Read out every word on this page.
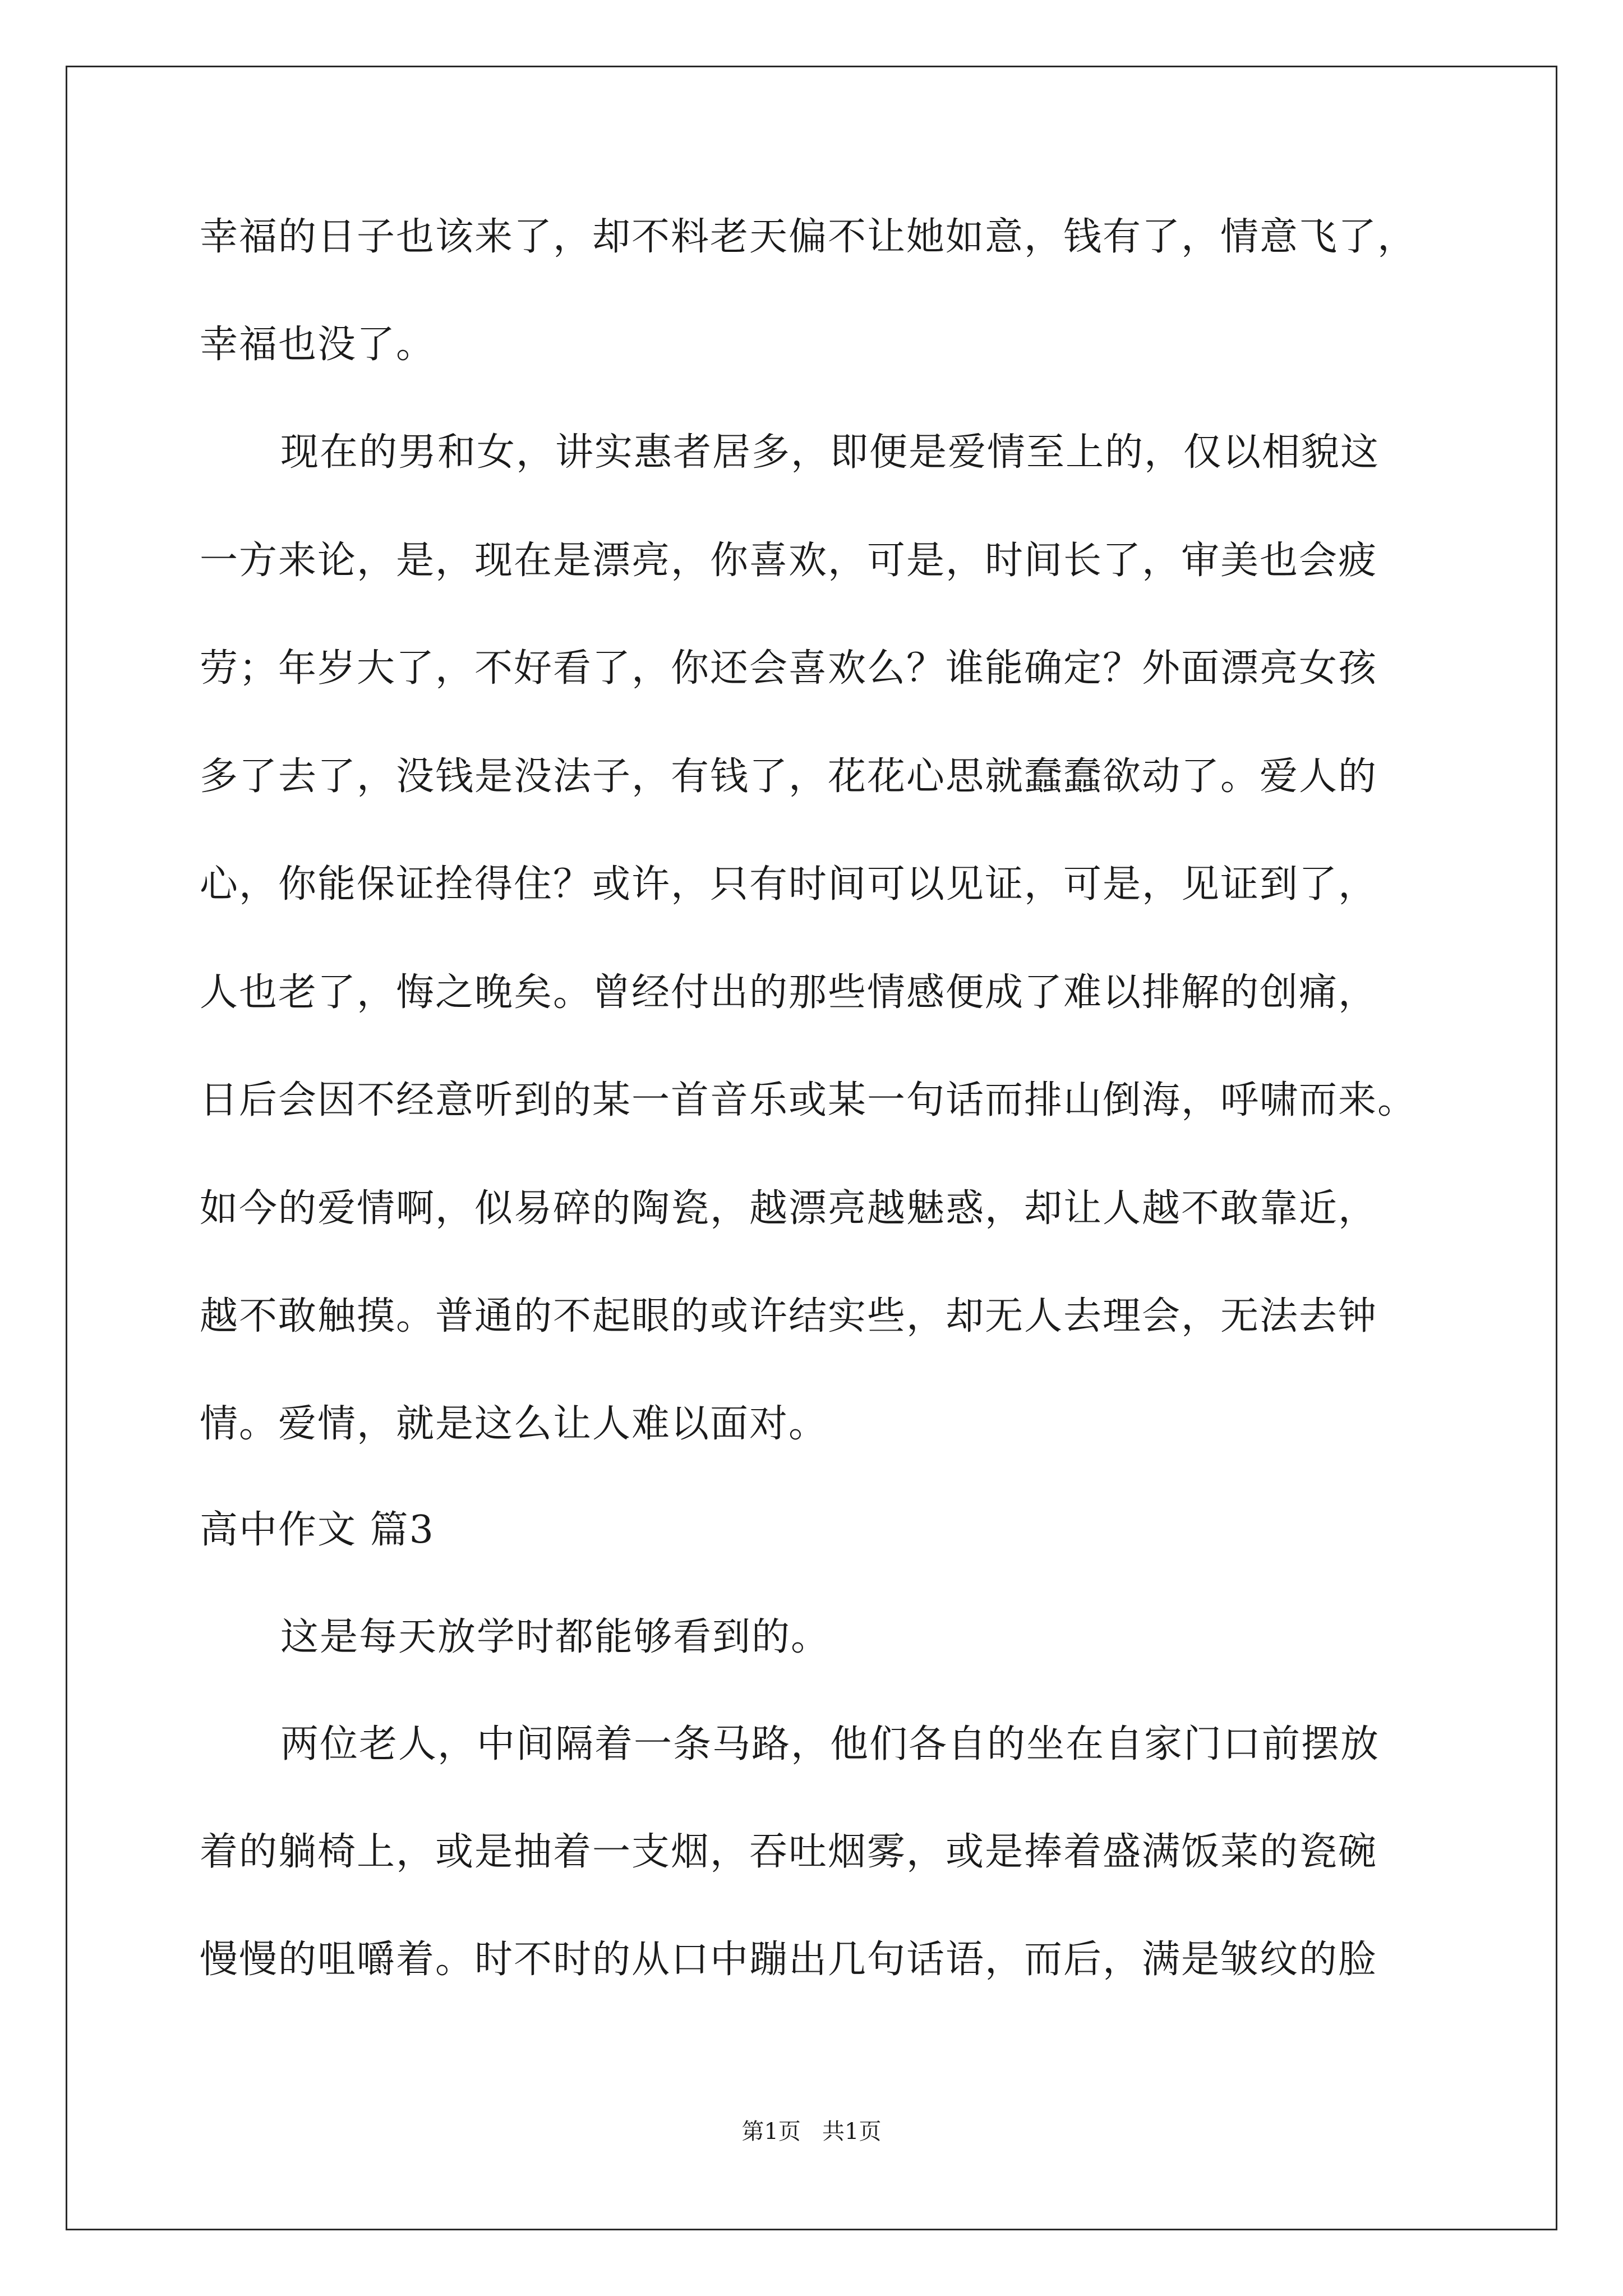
幸福的日子也该来了，却不料老天偏不让她如意，钱有了，情意飞了，
幸福也没了。
现在的男和女，讲实惠者居多，即便是爱情至上的，仅以相貌这
一方来论，是，现在是漂亮，你喜欢，可是，时间长了，审美也会疲
劳；年岁大了，不好看了，你还会喜欢么？谁能确定？外面漂亮女孩
多了去了，没钱是没法子，有钱了，花花心思就蠢蠢欲动了。爱人的
心，你能保证拴得住？或许，只有时间可以见证，可是，见证到了，
人也老了，悔之晚矣。曾经付出的那些情感便成了难以排解的创痛，
日后会因不经意听到的某一首音乐或某一句话而排山倒海，呼啸而来。
如今的爱情啊，似易碎的陶瓷，越漂亮越魅惑，却让人越不敢靠近，
越不敢触摸。普通的不起眼的或许结实些，却无人去理会，无法去钟
情。爱情，就是这么让人难以面对。
高中作文 篇3
这是每天放学时都能够看到的。
两位老人，中间隔着一条马路，他们各自的坐在自家门口前摆放
着的躺椅上，或是抽着一支烟，吞吐烟雾，或是捧着盛满饭菜的瓷碗
慢慢的咀嚼着。时不时的从口中蹦出几句话语，而后，满是皱纹的脸
第1页   共1页
